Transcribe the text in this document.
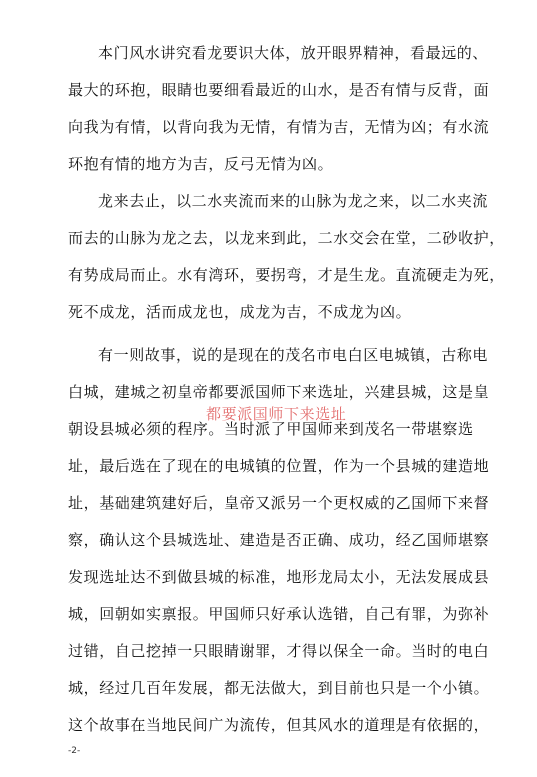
本门风水讲究看龙要识大体，放开眼界精神，看最远的、
最大的环抱，眼睛也要细看最近的山水，是否有情与反背，面
向我为有情，以背向我为无情，有情为吉，无情为凶；有水流
环抱有情的地方为吉，反弓无情为凶。
龙来去止，以二水夹流而来的山脉为龙之来，以二水夹流
而去的山脉为龙之去，以龙来到此，二水交会在堂，二砂收护，
有势成局而止。水有湾环，要拐弯，才是生龙。直流硬走为死，
死不成龙，活而成龙也，成龙为吉，不成龙为凶。
有一则故事，说的是现在的茂名市电白区电城镇，古称电
白城，建城之初皇帝都要派国师下来选址，兴建县城，这是皇
朝设县城必须的程序。当时派了甲国师来到茂名一带堪察选
址，最后选在了现在的电城镇的位置，作为一个县城的建造地
址，基础建筑建好后，皇帝又派另一个更权威的乙国师下来督
察，确认这个县城选址、建造是否正确、成功，经乙国师堪察
发现选址达不到做县城的标准，地形龙局太小，无法发展成县
城，回朝如实禀报。甲国师只好承认选错，自己有罪，为弥补
过错，自己挖掉一只眼睛谢罪，才得以保全一命。当时的电白
城，经过几百年发展，都无法做大，到目前也只是一个小镇。
这个故事在当地民间广为流传，但其风水的道理是有依据的，
都要派国师下来选址
-2-
